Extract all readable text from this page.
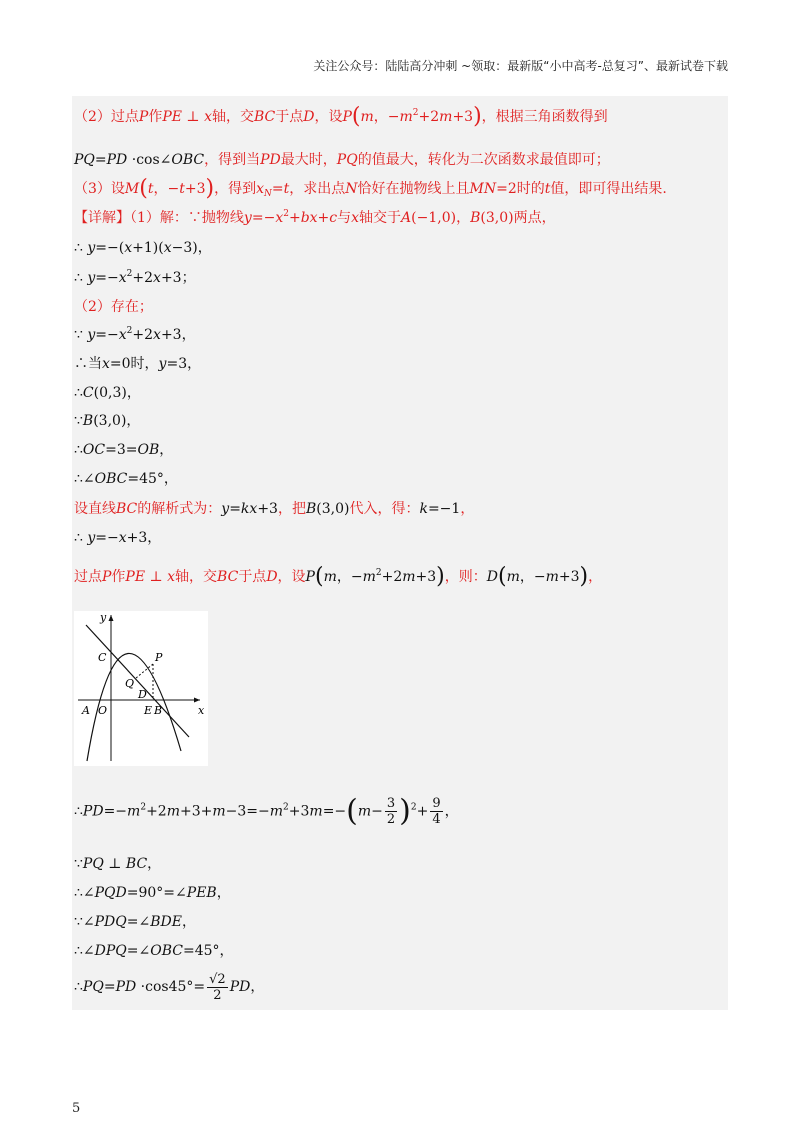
关注公众号：陆陆高分冲刺 ~领取：最新版“小中高考-总复习”、最新试卷下载
（2）过点P作PE ⊥ x轴，交BC于点D，设P(m，$-m^2+2m+3$)，根据三角函数得到
PQ=PD ·cos∠OBC，得到当PD最大时，PQ的值最大，转化为二次函数求最值即可；
（3）设M(t，−t+3)，得到$x_N=t$，求出点N恰好在抛物线上且MN=2时的t值，即可得出结果.
【详解】（1）解：∵抛物线$y=-x^2+bx+c$与x轴交于A(−1,0)，B(3,0)两点，
∴ y=−(x+1)(x−3)，
∴ $y=-x^2+2x+3$；
（2）存在；
∵ $y=-x^2+2x+3$，
∴当x=0时，y=3，
∴C(0,3)，
∵B(3,0)，
∴OC=3=OB，
∴∠OBC=45°，
设直线BC的解析式为：y=kx+3，把B(3,0)代入，得：k=−1，
∴ y=−x+3，
过点P作PE ⊥ x轴，交BC于点D，设P(m，$-m^2+2m+3$)，则：D(m，−m+3)，
y
x
C	P
Q
D
A O	E B
$\therefore PD=-m^2+2m+3+m-3=-m^2+3m=-(m- \frac{3}{2} )^2+ \frac{9}{4}$ ，
∵PQ ⊥ BC，
∴∠PQD=90°=∠PEB，
∵∠PDQ=∠BDE，
∴∠DPQ=∠OBC=45°，
∴PQ=PD $\cdot\cos 45^\circ= \frac{√2}{2}$ PD，
5
